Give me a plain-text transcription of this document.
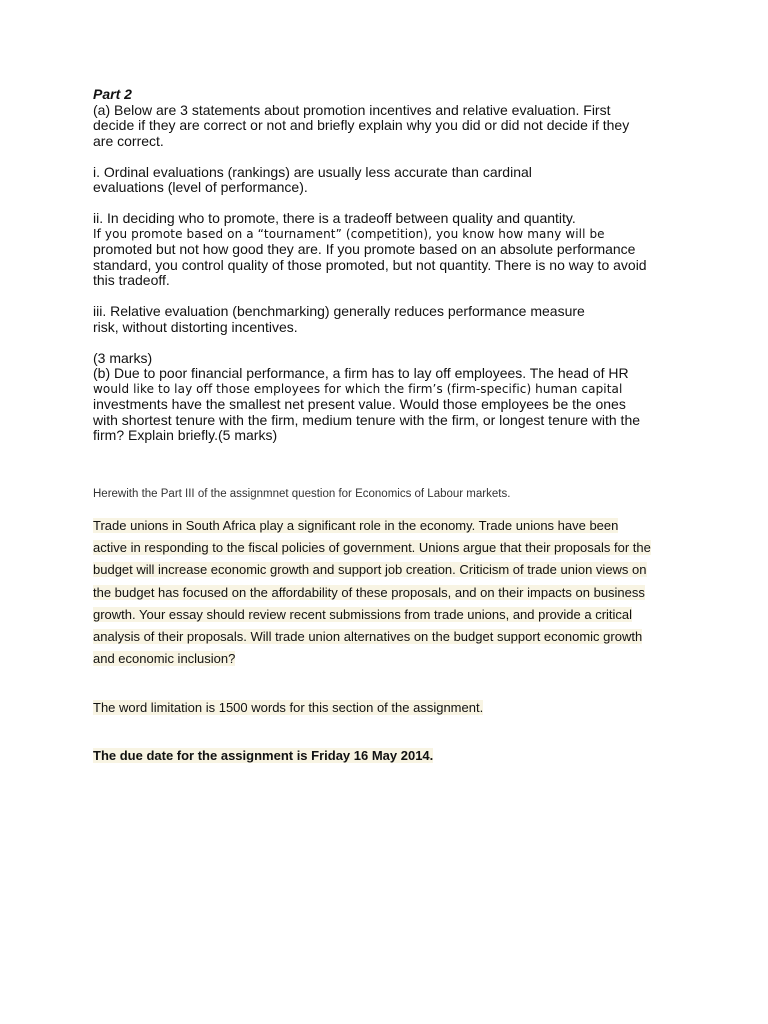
Part 2

(a) Below are 3 statements about promotion incentives and relative evaluation. First

decide if they are correct or not and briefly explain why you did or did not decide if they

are correct.

i. Ordinal evaluations (rankings) are usually less accurate than cardinal

evaluations (level of performance).

ii. In deciding who to promote, there is a tradeoff between quality and quantity.

If you promote based on a “tournament” (competition), you know how many will be

promoted but not how good they are. If you promote based on an absolute performance

standard, you control quality of those promoted, but not quantity. There is no way to avoid

this tradeoff.

iii. Relative evaluation (benchmarking) generally reduces performance measure

risk, without distorting incentives.

(3 marks)

(b) Due to poor financial performance, a firm has to lay off employees. The head of HR

would like to lay off those employees for which the firm’s (firm-specific) human capital

investments have the smallest net present value. Would those employees be the ones

with shortest tenure with the firm, medium tenure with the firm, or longest tenure with the

firm? Explain briefly.(5 marks)

Herewith the Part III of the assignmnet question for Economics of Labour markets.

Trade unions in South Africa play a significant role in the economy. Trade unions have been
active in responding to the fiscal policies of government. Unions argue that their proposals for the
budget will increase economic growth and support job creation. Criticism of trade union views on
the budget has focused on the affordability of these proposals, and on their impacts on business
growth. Your essay should review recent submissions from trade unions, and provide a critical
analysis of their proposals. Will trade union alternatives on the budget support economic growth
and economic inclusion?

The word limitation is 1500 words for this section of the assignment.

The due date for the assignment is Friday 16 May 2014.
